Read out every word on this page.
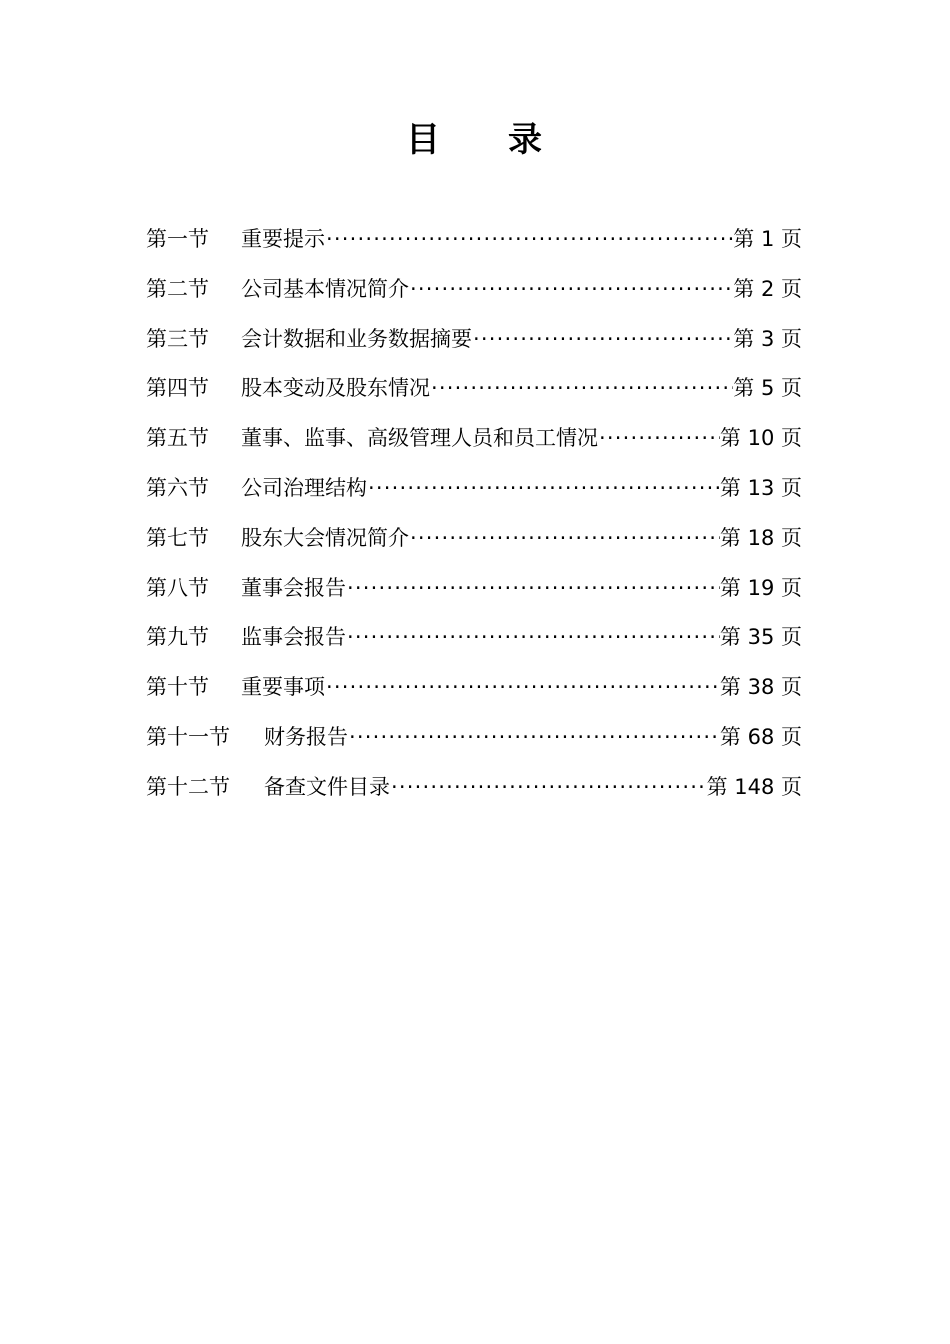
目 录
第一节	重要提示 ·····	第 1 页
第二节	公司基本情况简介 ·····	第 2 页
第三节	会计数据和业务数据摘要 ·····	第 3 页
第四节	股本变动及股东情况 ·····	第 5 页
第五节	董事、监事、高级管理人员和员工情况 ·····	第 10 页
第六节	公司治理结构 ·····	第 13 页
第七节	股东大会情况简介 ·····	第 18 页
第八节	董事会报告 ·····	第 19 页
第九节	监事会报告 ·····	第 35 页
第十节	重要事项 ·····	第 38 页
第十一节	财务报告 ·····	第 68 页
第十二节	备查文件目录 ·····	第 148 页
